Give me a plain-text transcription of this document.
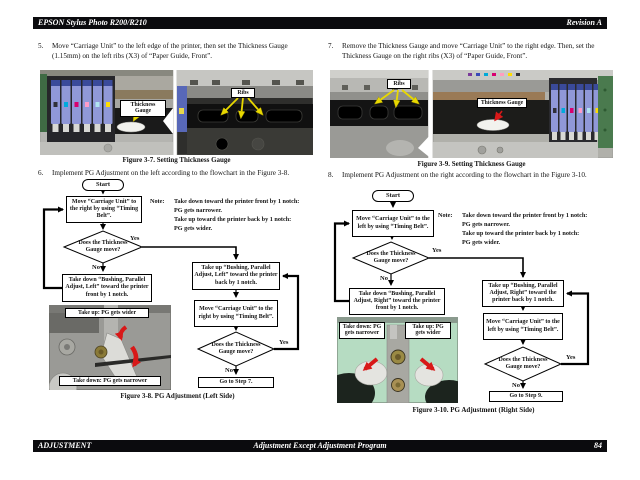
EPSON Stylus Photo R200/R210	Revision A
5. Move “Carriage Unit” to the left edge of the printer, then set the Thickness Gauge (1.15mm) on the left ribs (X3) of “Paper Guide, Front”.
7. Remove the Thickness Gauge and move “Carriage Unit” to the right edge. Then, set the Thickness Gauge on the right ribs (X3) of “Paper Guide, Front”.
Thickness Gauge
Ribs
Figure 3-7. Setting Thickness Gauge
Ribs
Thickness Gauge
Figure 3-9. Setting Thickness Gauge
6. Implement PG Adjustment on the left according to the flowchart in the Figure 3-8.	8. Implement PG Adjustment on the right according to the flowchart in the Figure 3-10.
Start
Move “Carriage Unit” to the right by using “Timing Belt”.
Note: Take down toward the printer front by 1 notch:
PG gets narrower.
Take up toward the printer back by 1 notch:
PG gets wider.
Does the Thickness Gauge move?
Yes
No	Take up “Bushing, Parallel Adjust, Left” toward the printer back by 1 notch.
Take down “Bushing, Parallel Adjust, Left” toward the printer front by 1 notch.
Move “Carriage Unit” to the right by using “Timing Belt”.
Does the Thickness Gauge move?
Yes
No
Go to Step 7.
Take up: PG gets wider
Take down: PG gets narrower
Figure 3-8. PG Adjustment (Left Side)
Start
Move “Carriage Unit” to the left by using “Timing Belt”.
Note: Take down toward the printer front by 1 notch:
PG gets narrower.
Take up toward the printer back by 1 notch:
PG gets wider.
Does the Thickness Gauge move?
Yes
No
Take up “Bushing, Parallel Adjust, Right” toward the printer back by 1 notch.
Take down “Bushing, Parallel Adjust, Right” toward the printer front by 1 notch.
Move “Carriage Unit” to the left by using “Timing Belt”.
Does the Thickness Gauge move?
Yes
No
Go to Step 9.
Take down: PG gets narrower
Take up: PG gets wider
Figure 3-10. PG Adjustment (Right Side)
ADJUSTMENT	Adjustment Except Adjustment Program	84
